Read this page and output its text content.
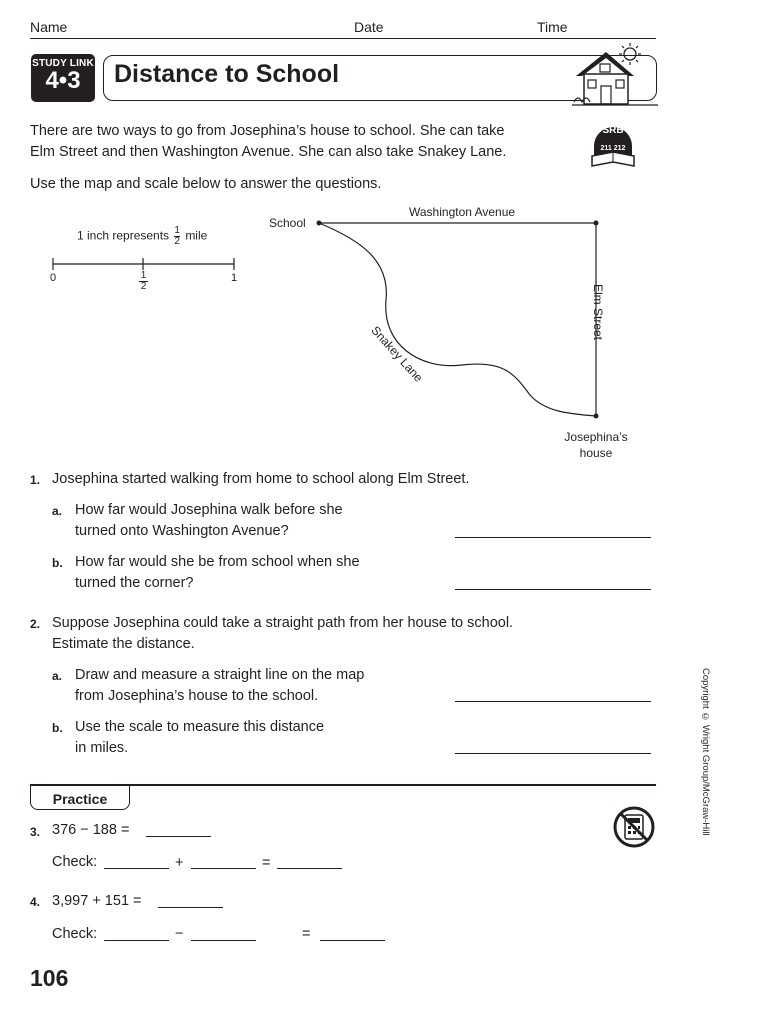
Name	Date	Time
STUDY LINK
4•3	Distance to School
SRB
211 212
There are two ways to go from Josephina’s house to school. She can take
Elm Street and then Washington Avenue. She can also take Snakey Lane.
Use the map and scale below to answer the questions.
1 inch represents $\frac{1}{2}$ mile
0	$\frac{1}{2}$	1
School
Washington Avenue
Elm Street
Snakey Lane
Josephina’s
house
1. Josephina started walking from home to school along Elm Street.
a. How far would Josephina walk before she
turned onto Washington Avenue?
b. How far would she be from school when she
turned the corner?
2. Suppose Josephina could take a straight path from her house to school.
Estimate the distance.
a. Draw and measure a straight line on the map
from Josephina’s house to the school.
b. Use the scale to measure this distance
in miles.
Practice
3. 376 − 188 =
Check:	+	=
4. 3,997 + 151 =
Check:	−	=
106
Copyright © Wright Group/McGraw-Hill
